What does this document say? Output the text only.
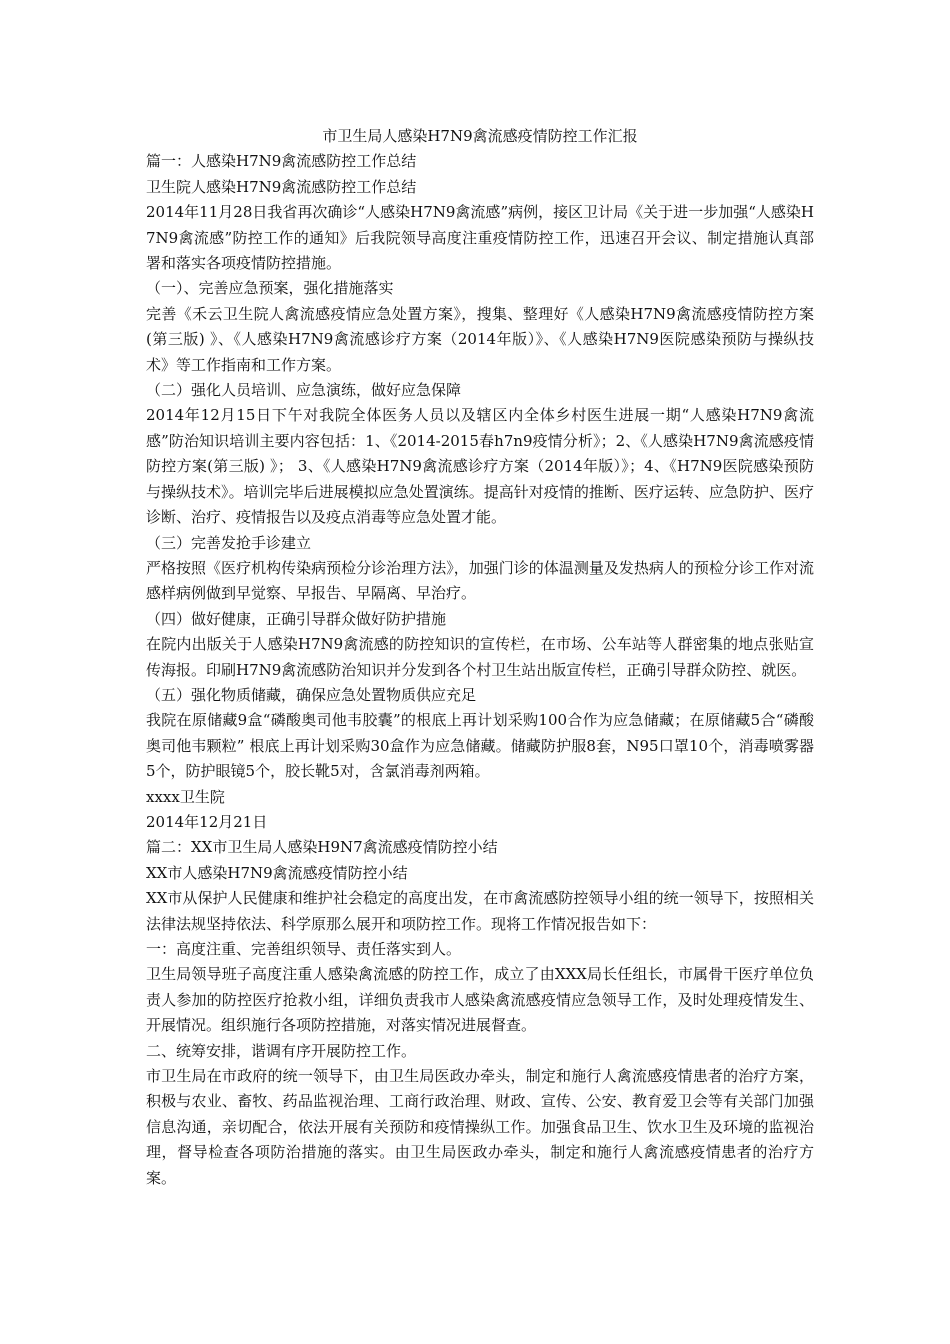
市卫生局人感染H7N9禽流感疫情防控工作汇报
篇一：人感染H7N9禽流感防控工作总结
卫生院人感染H7N9禽流感防控工作总结
2014年11月28日我省再次确诊“人感染H7N9禽流感”病例，接区卫计局《关于进一步加强“人感染H7N9禽流感”防控工作的通知》后我院领导高度注重疫情防控工作，迅速召开会议、制定措施认真部署和落实各项疫情防控措施。
（一）、完善应急预案，强化措施落实
完善《禾云卫生院人禽流感疫情应急处置方案》，搜集、整理好《人感染H7N9禽流感疫情防控方案(第三版) 》、《人感染H7N9禽流感诊疗方案（2014年版）》、《人感染H7N9医院感染预防与操纵技术》等工作指南和工作方案。
（二）强化人员培训、应急演练，做好应急保障
2014年12月15日下午对我院全体医务人员以及辖区内全体乡村医生进展一期“人感染H7N9禽流感”防治知识培训主要内容包括：1、《2014-2015春h7n9疫情分析》；2、《人感染H7N9禽流感疫情防控方案(第三版) 》； 3、《人感染H7N9禽流感诊疗方案（2014年版）》；4、《H7N9医院感染预防与操纵技术》。培训完毕后进展模拟应急处置演练。提高针对疫情的推断、医疗运转、应急防护、医疗诊断、治疗、疫情报告以及疫点消毒等应急处置才能。
（三）完善发抢手诊建立
严格按照《医疗机构传染病预检分诊治理方法》，加强门诊的体温测量及发热病人的预检分诊工作对流感样病例做到早觉察、早报告、早隔离、早治疗。
（四）做好健康，正确引导群众做好防护措施
在院内出版关于人感染H7N9禽流感的防控知识的宣传栏，在市场、公车站等人群密集的地点张贴宣传海报。印刷H7N9禽流感防治知识并分发到各个村卫生站出版宣传栏，正确引导群众防控、就医。
（五）强化物质储藏，确保应急处置物质供应充足
我院在原储藏9盒“磷酸奥司他韦胶囊”的根底上再计划采购100合作为应急储藏；在原储藏5合“磷酸奥司他韦颗粒” 根底上再计划采购30盒作为应急储藏。储藏防护服8套，N95口罩10个，消毒喷雾器5个，防护眼镜5个，胶长靴5对，含氯消毒剂两箱。
xxxx卫生院
2014年12月21日
篇二：XX市卫生局人感染H9N7禽流感疫情防控小结
XX市人感染H7N9禽流感疫情防控小结
XX市从保护人民健康和维护社会稳定的高度出发，在市禽流感防控领导小组的统一领导下，按照相关法律法规坚持依法、科学原那么展开和项防控工作。现将工作情况报告如下：
一：高度注重、完善组织领导、责任落实到人。
卫生局领导班子高度注重人感染禽流感的防控工作，成立了由XXX局长任组长，市属骨干医疗单位负责人参加的防控医疗抢救小组，详细负责我市人感染禽流感疫情应急领导工作，及时处理疫情发生、开展情况。组织施行各项防控措施，对落实情况进展督查。
二、统筹安排，谐调有序开展防控工作。
市卫生局在市政府的统一领导下，由卫生局医政办牵头，制定和施行人禽流感疫情患者的治疗方案，积极与农业、畜牧、药品监视治理、工商行政治理、财政、宣传、公安、教育爱卫会等有关部门加强信息沟通，亲切配合，依法开展有关预防和疫情操纵工作。加强食品卫生、饮水卫生及环境的监视治理，督导检查各项防治措施的落实。由卫生局医政办牵头，制定和施行人禽流感疫情患者的治疗方案。
